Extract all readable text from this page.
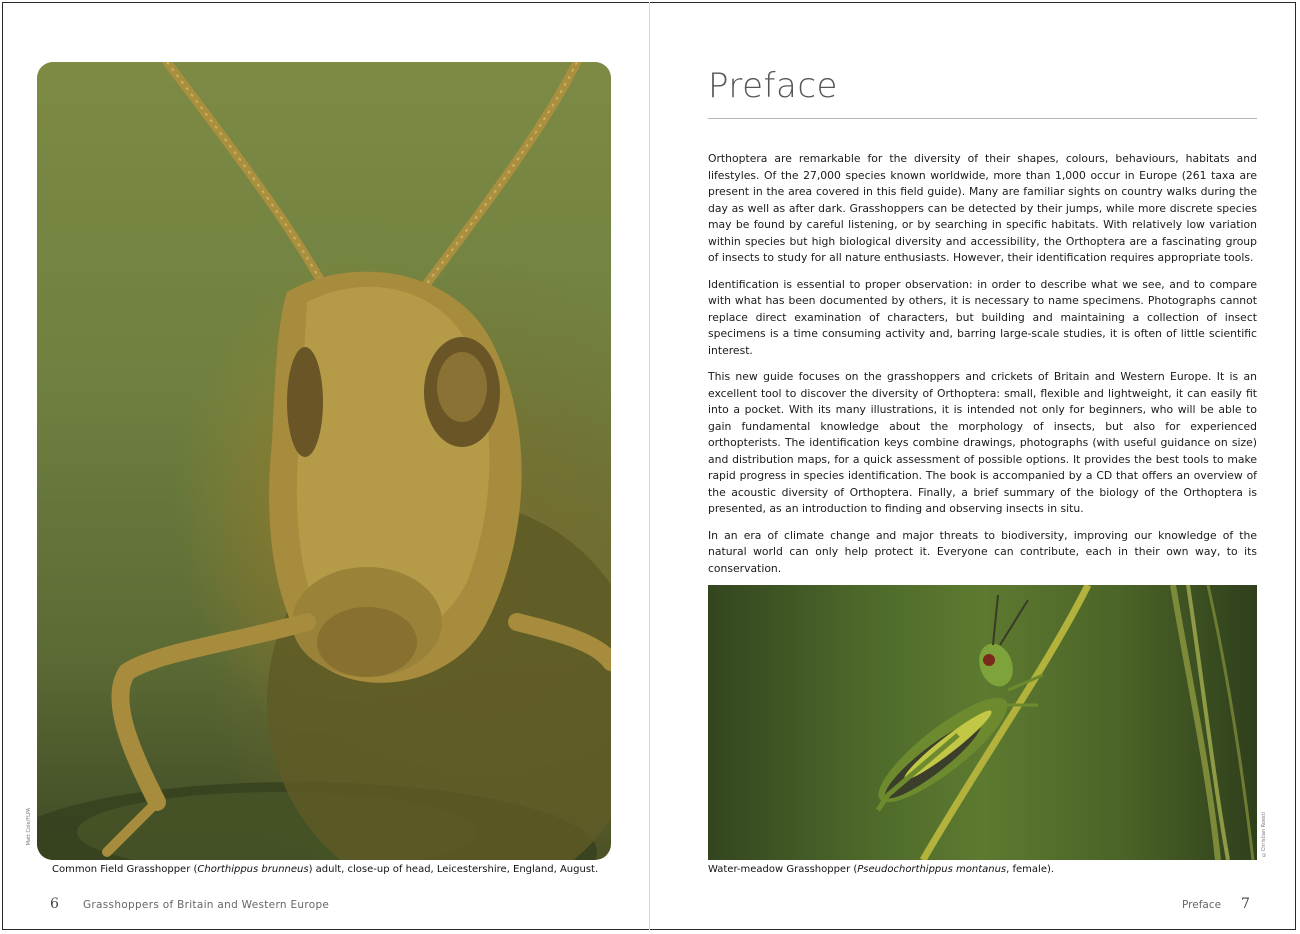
Matt Cole/FLPA
Common Field Grasshopper (Chorthippus brunneus) adult, close-up of head, Leicestershire, England, August.
6 Grasshoppers of Britain and Western Europe
Preface

Orthoptera are remarkable for the diversity of their shapes, colours, behaviours, habitats and lifestyles. Of the 27,000 species known worldwide, more than 1,000 occur in Europe (261 taxa are present in the area covered in this field guide). Many are familiar sights on country walks during the day as well as after dark. Grasshoppers can be detected by their jumps, while more discrete species may be found by careful listening, or by searching in specific habitats. With relatively low variation within species but high biological diversity and accessibility, the Orthoptera are a fascinating group of insects to study for all nature enthusiasts. However, their identification requires appropriate tools.

Identification is essential to proper observation: in order to describe what we see, and to compare with what has been documented by others, it is necessary to name specimens. Photographs cannot replace direct examination of characters, but building and maintaining a collection of insect specimens is a time consuming activity and, barring large-scale studies, it is often of little scientific interest.

This new guide focuses on the grasshoppers and crickets of Britain and Western Europe. It is an excellent tool to discover the diversity of Orthoptera: small, flexible and lightweight, it can easily fit into a pocket. With its many illustrations, it is intended not only for beginners, who will be able to gain fundamental knowledge about the morphology of insects, but also for experienced orthopterists. The identification keys combine drawings, photographs (with useful guidance on size) and distribution maps, for a quick assessment of possible options. It provides the best tools to make rapid progress in species identification. The book is accompanied by a CD that offers an overview of the acoustic diversity of Orthoptera. Finally, a brief summary of the biology of the Orthoptera is presented, as an introduction to finding and observing insects in situ.

In an era of climate change and major threats to biodiversity, improving our knowledge of the natural world can only help protect it. Everyone can contribute, each in their own way, to its conservation.

©Christian Roesti
Water-meadow Grasshopper (Pseudochorthippus montanus, female).
Preface 7
